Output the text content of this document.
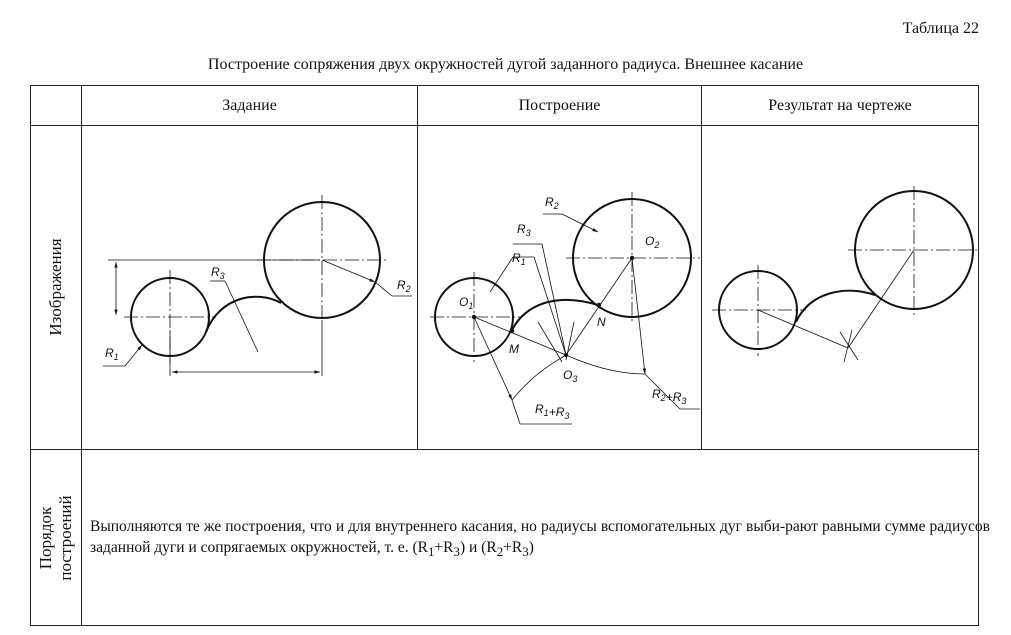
Таблица 22
Построение сопряжения двух окружностей дугой заданного радиуса. Внешнее касание
Задание	Построение	Результат на чертеже
Изображения
Порядок построений Выполняются те же построения, что и для внутреннего касания, но радиусы вспомогательных дуг выби-рают равными сумме радиусов заданной дуги и сопрягаемых окружностей, т. е. $(R_1+R_3)$ и $(R_2+R_3)$
$R_1$
$R_2$
$R_3$
$O_1$
$O_2$
$O_3$
M
N
$R_1$
$R_3$
$R_2$
$R_1+R_3$
$R_2+R_3$
